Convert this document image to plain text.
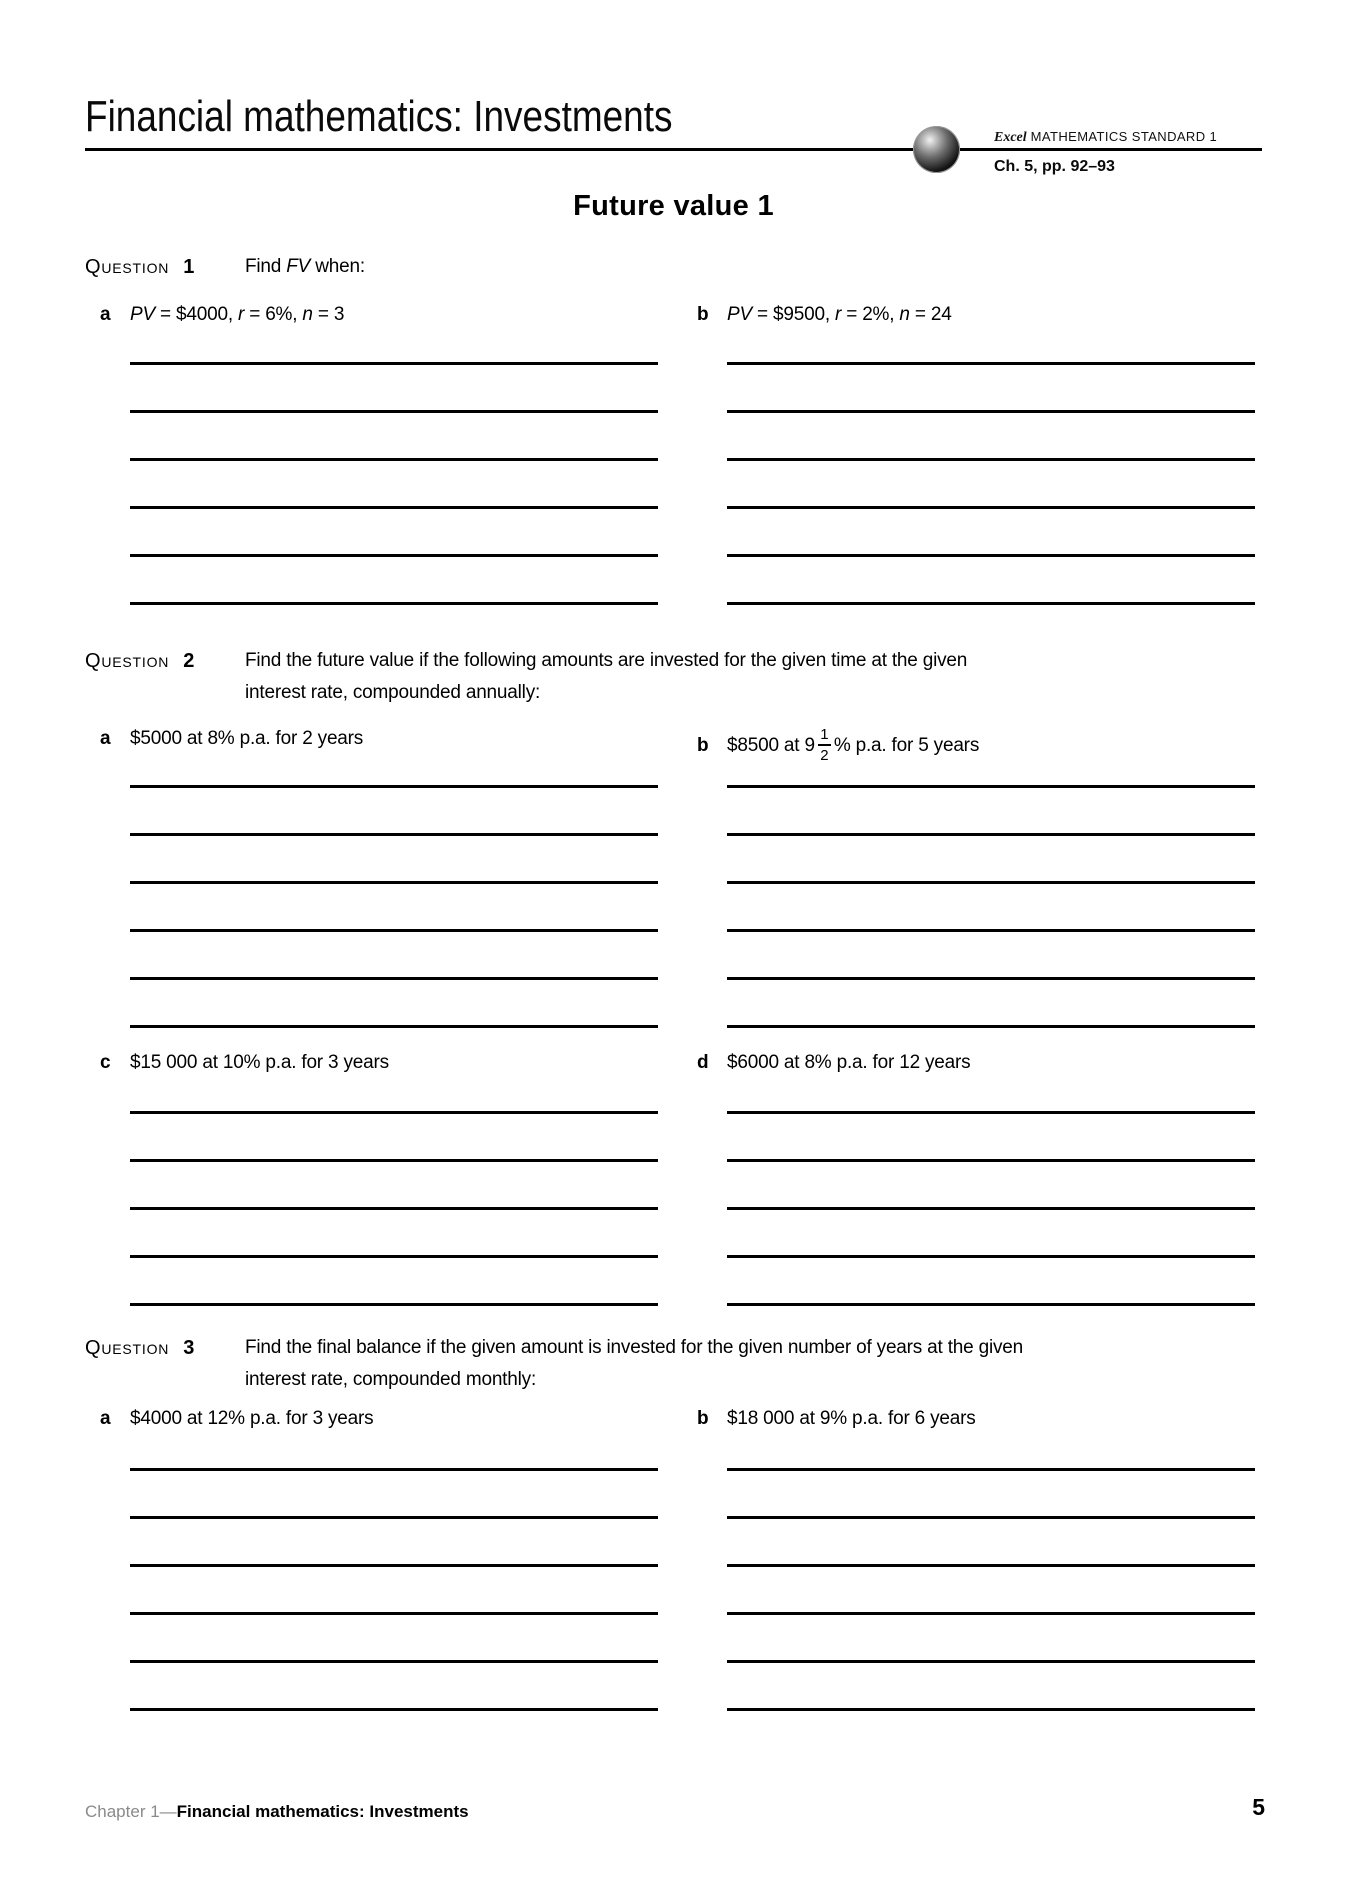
Financial mathematics: Investments	Excel MATHEMATICS STANDARD 1
Ch. 5, pp. 92–93
Future value 1
Question 1	Find FV when:
a PV = $4000, r = 6%, n = 3	b PV = $9500, r = 2%, n = 24
Question 2	Find the future value if the following amounts are invested for the given time at the given
interest rate, compounded annually:
a $5000 at 8% p.a. for 2 years	b $8500 at $9 \frac{1}{2}$ % p.a. for 5 years
c $15 000 at 10% p.a. for 3 years	d $6000 at 8% p.a. for 12 years
Question 3	Find the final balance if the given amount is invested for the given number of years at the given
interest rate, compounded monthly:
a $4000 at 12% p.a. for 3 years	b $18 000 at 9% p.a. for 6 years
Chapter 1—Financial mathematics: Investments	5
